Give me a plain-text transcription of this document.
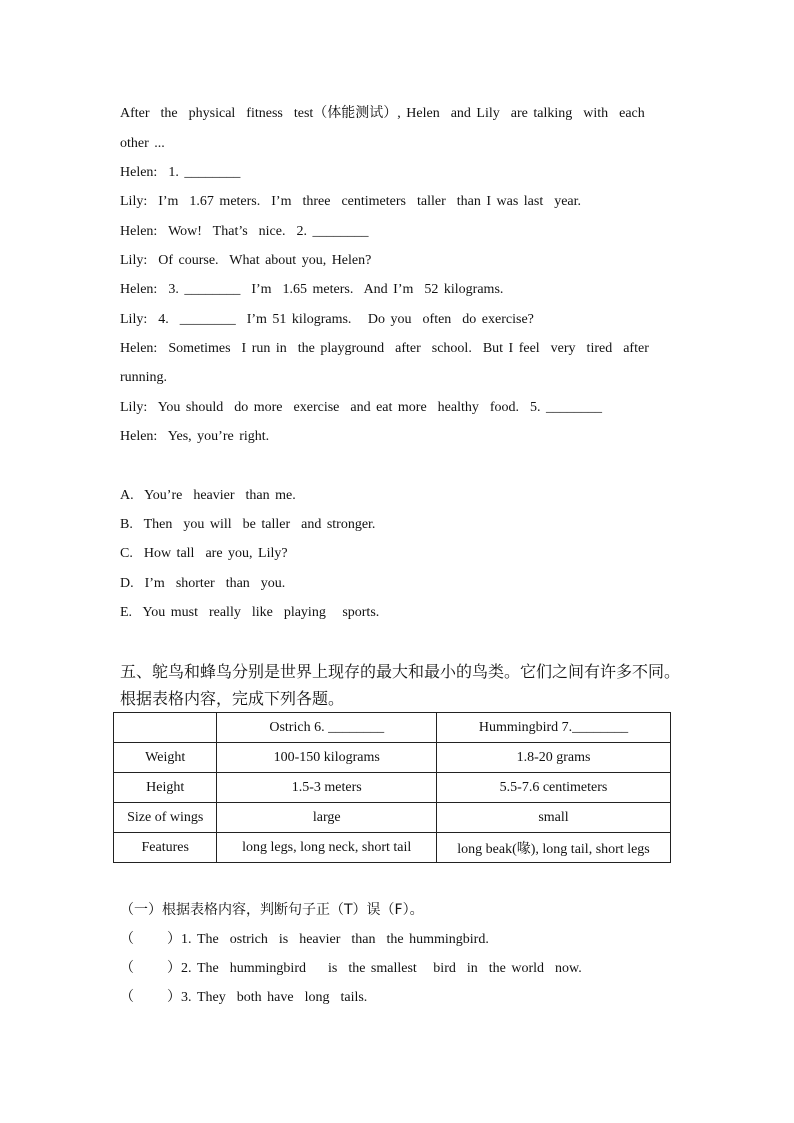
After  the  physical  fitness  test（体能测试）, Helen  and Lily  are talking  with  each
other ...
Helen:  1. ________
Lily:  I’m  1.67 meters.  I’m  three  centimeters  taller  than I was last  year.
Helen:  Wow!  That’s  nice.  2. ________
Lily:  Of course.  What about you, Helen?
Helen:  3. ________  I’m  1.65 meters.  And I’m  52 kilograms.
Lily:  4.  ________  I’m 51 kilograms.   Do you  often  do exercise?
Helen:  Sometimes  I run in  the playground  after  school.  But I feel  very  tired  after
running.
Lily:  You should  do more  exercise  and eat more  healthy  food.  5. ________
Helen:  Yes, you’re right.
A.  You’re  heavier  than me.
B.  Then  you will  be taller  and stronger.
C.  How tall  are you, Lily?
D.  I’m  shorter  than  you.
E.  You must  really  like  playing   sports.
五、鸵鸟和蜂鸟分别是世界上现存的最大和最小的鸟类。它们之间有许多不同。
根据表格内容，完成下列各题。
	Ostrich 6. ________	Hummingbird 7.________
Weight	100-150 kilograms	1.8-20 grams
Height	1.5-3 meters	5.5-7.6 centimeters
Size of wings	large	small
Features	long legs, long neck, short tail	long beak(喙), long tail, short legs
（一）根据表格内容，判断句子正（T）误（F）。
（      ）1. The  ostrich  is  heavier  than  the hummingbird.
（      ）2. The  hummingbird    is  the smallest   bird  in  the world  now.
（      ）3. They  both have  long  tails.
